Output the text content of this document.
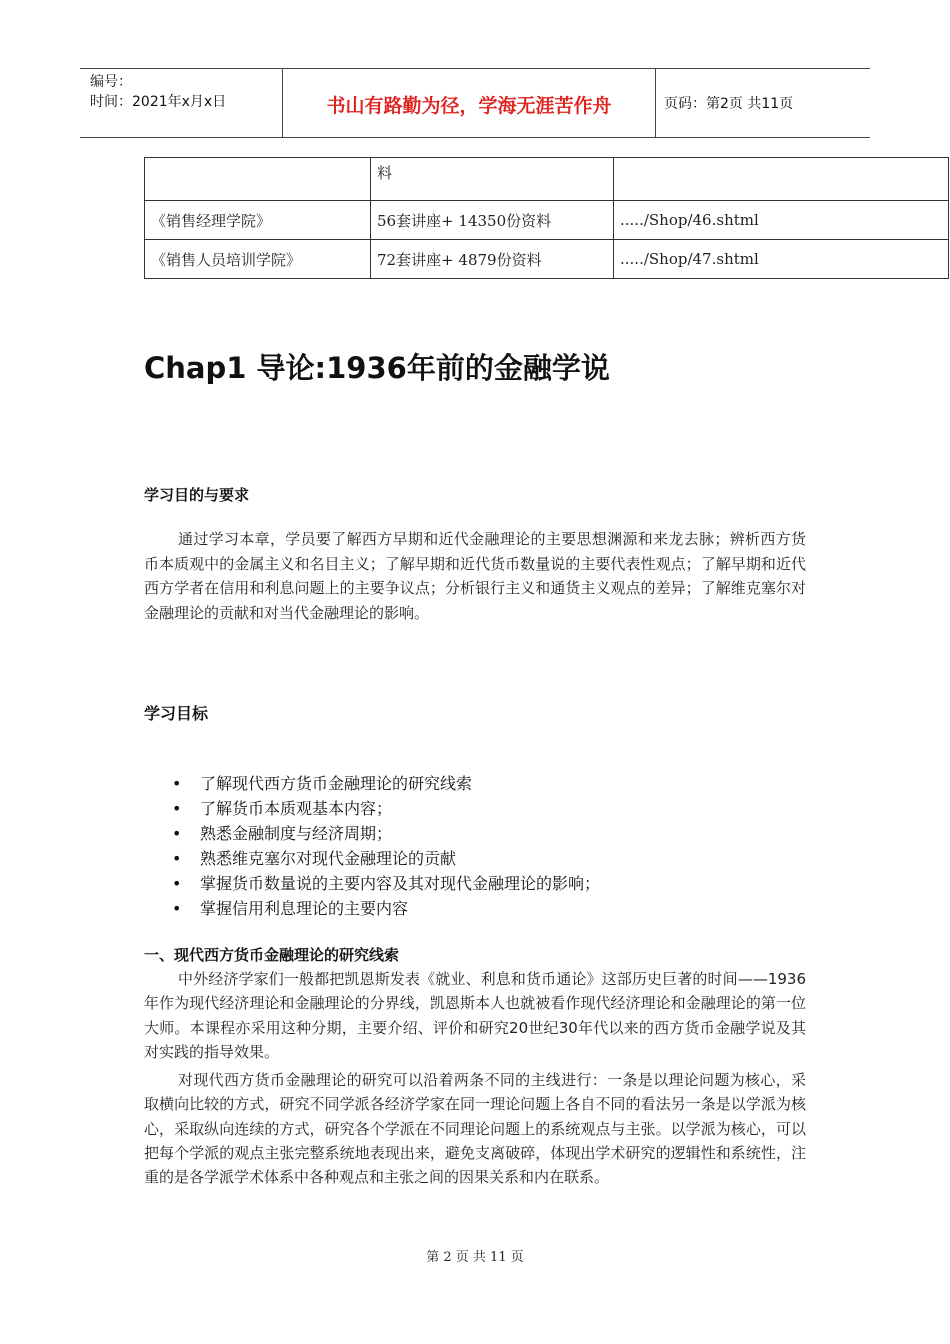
编号：
时间：2021年x月x日	书山有路勤为径，学海无涯苦作舟	页码：第2页 共11页
	料	
《销售经理学院》	56套讲座+ 14350份资料	...../Shop/46.shtml
《销售人员培训学院》	72套讲座+ 4879份资料	...../Shop/47.shtml
Chap1 导论:1936年前的金融学说
学习目的与要求
通过学习本章，学员要了解西方早期和近代金融理论的主要思想渊源和来龙去脉；辨析西方货币本质观中的金属主义和名目主义；了解早期和近代货币数量说的主要代表性观点；了解早期和近代西方学者在信用和利息问题上的主要争议点；分析银行主义和通货主义观点的差异；了解维克塞尔对金融理论的贡献和对当代金融理论的影响。
学习目标
• 了解现代西方货币金融理论的研究线索
• 了解货币本质观基本内容；
• 熟悉金融制度与经济周期；
• 熟悉维克塞尔对现代金融理论的贡献
• 掌握货币数量说的主要内容及其对现代金融理论的影响；
• 掌握信用利息理论的主要内容
一、现代西方货币金融理论的研究线索
中外经济学家们一般都把凯恩斯发表《就业、利息和货币通论》这部历史巨著的时间——1936年作为现代经济理论和金融理论的分界线，凯恩斯本人也就被看作现代经济理论和金融理论的第一位大师。本课程亦采用这种分期，主要介绍、评价和研究20世纪30年代以来的西方货币金融学说及其对实践的指导效果。
对现代西方货币金融理论的研究可以沿着两条不同的主线进行：一条是以理论问题为核心，采取横向比较的方式，研究不同学派各经济学家在同一理论问题上各自不同的看法另一条是以学派为核心，采取纵向连续的方式，研究各个学派在不同理论问题上的系统观点与主张。以学派为核心，可以把每个学派的观点主张完整系统地表现出来，避免支离破碎，体现出学术研究的逻辑性和系统性，注重的是各学派学术体系中各种观点和主张之间的因果关系和内在联系。
第 2 页 共 11 页
